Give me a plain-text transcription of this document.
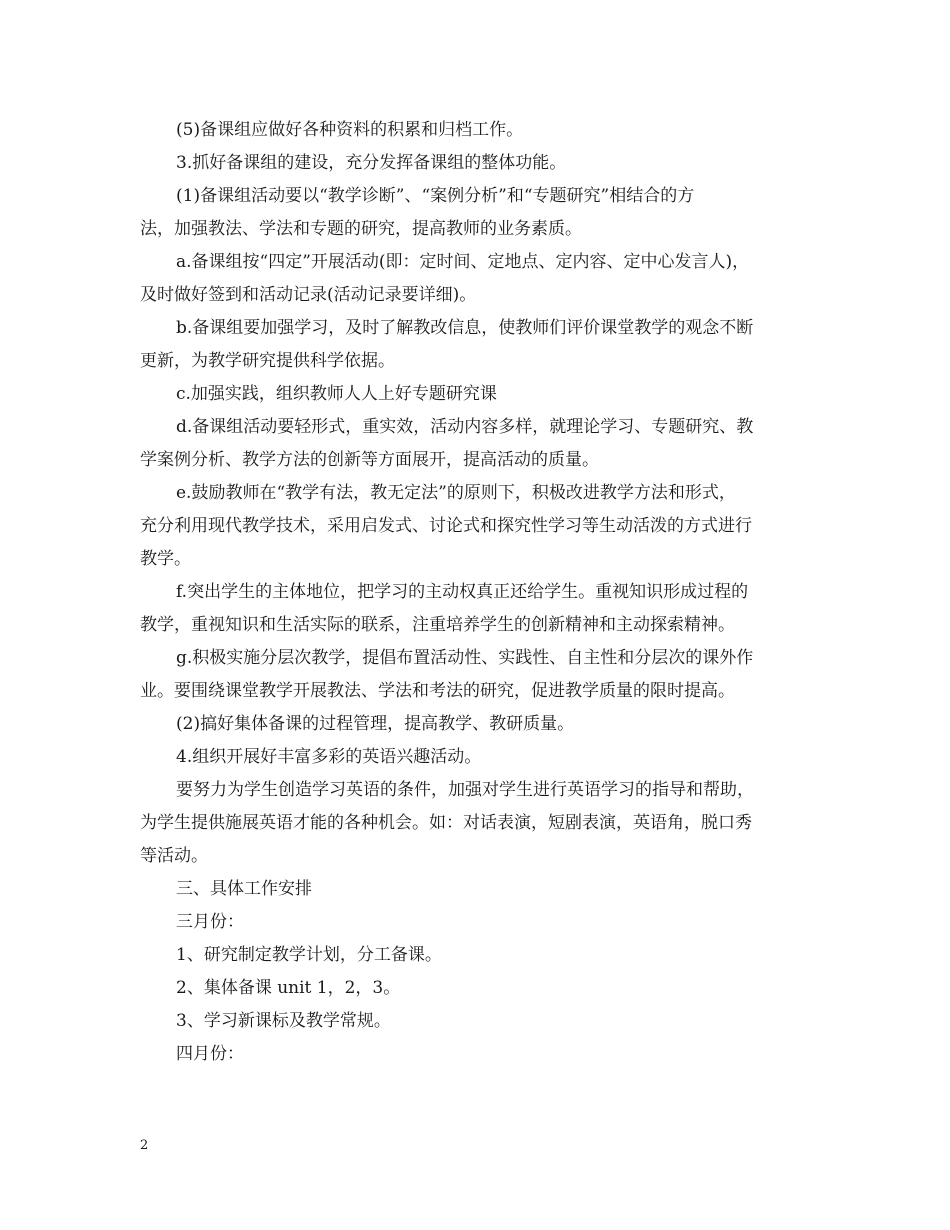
(5)备课组应做好各种资料的积累和归档工作。
3.抓好备课组的建设，充分发挥备课组的整体功能。
(1)备课组活动要以“教学诊断”、“案例分析”和“专题研究”相结合的方
法，加强教法、学法和专题的研究，提高教师的业务素质。
a.备课组按“四定”开展活动(即：定时间、定地点、定内容、定中心发言人)，
及时做好签到和活动记录(活动记录要详细)。
b.备课组要加强学习，及时了解教改信息，使教师们评价课堂教学的观念不断
更新，为教学研究提供科学依据。
c.加强实践，组织教师人人上好专题研究课
d.备课组活动要轻形式，重实效，活动内容多样，就理论学习、专题研究、教
学案例分析、教学方法的创新等方面展开，提高活动的质量。
e.鼓励教师在“教学有法，教无定法”的原则下，积极改进教学方法和形式，
充分利用现代教学技术，采用启发式、讨论式和探究性学习等生动活泼的方式进行
教学。
f.突出学生的主体地位，把学习的主动权真正还给学生。重视知识形成过程的
教学，重视知识和生活实际的联系，注重培养学生的创新精神和主动探索精神。
g.积极实施分层次教学，提倡布置活动性、实践性、自主性和分层次的课外作
业。要围绕课堂教学开展教法、学法和考法的研究，促进教学质量的限时提高。
(2)搞好集体备课的过程管理，提高教学、教研质量。
4.组织开展好丰富多彩的英语兴趣活动。
要努力为学生创造学习英语的条件，加强对学生进行英语学习的指导和帮助，
为学生提供施展英语才能的各种机会。如：对话表演，短剧表演，英语角，脱口秀
等活动。
三、具体工作安排
三月份：
1、研究制定教学计划，分工备课。
2、集体备课 unit 1，2，3。
3、学习新课标及教学常规。
四月份：
2
